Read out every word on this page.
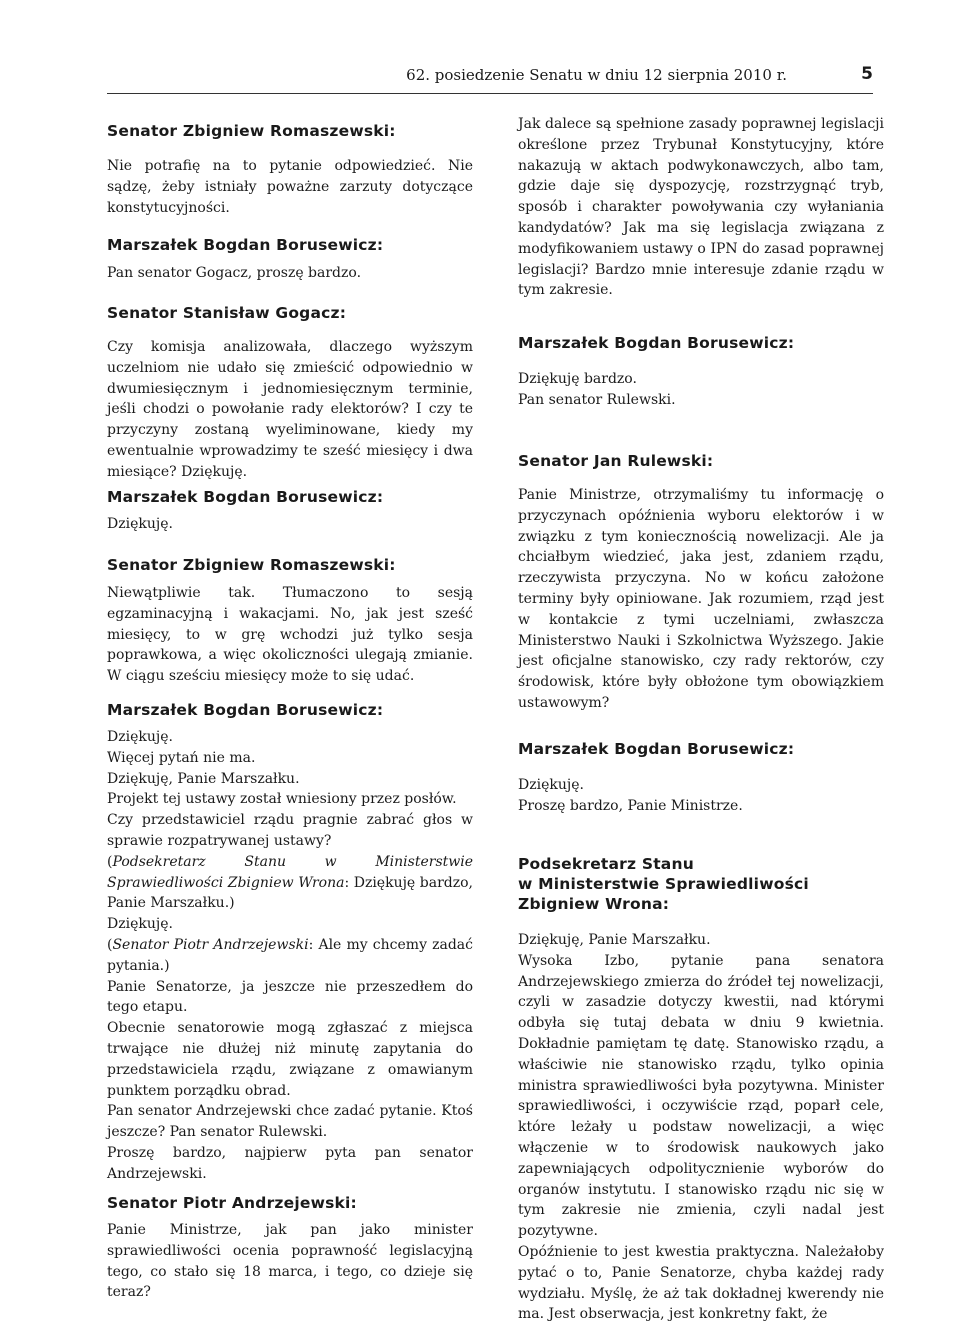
62. posiedzenie Senatu w dniu 12 sierpnia 2010 r.	5

Senator Zbigniew Romaszewski:

Nie potrafię na to pytanie odpowiedzieć. Nie sądzę, żeby istniały poważne zarzuty dotyczące konstytucyjności.

Marszałek Bogdan Borusewicz:

Pan senator Gogacz, proszę bardzo.

Senator Stanisław Gogacz:

Czy komisja analizowała, dlaczego wyższym uczelniom nie udało się zmieścić odpowiednio w dwumiesięcznym i jednomiesięcznym terminie, jeśli chodzi o powołanie rady elektorów? I czy te przyczyny zostaną wyeliminowane, kiedy my ewentualnie wprowadzimy te sześć miesięcy i dwa miesiące? Dziękuję.

Marszałek Bogdan Borusewicz:

Dziękuję.

Senator Zbigniew Romaszewski:

Niewątpliwie tak. Tłumaczono to sesją egzaminacyjną i wakacjami. No, jak jest sześć miesięcy, to w grę wchodzi już tylko sesja poprawkowa, a więc okoliczności ulegają zmianie. W ciągu sześciu miesięcy może to się udać.

Marszałek Bogdan Borusewicz:

Dziękuję.

Więcej pytań nie ma.

Dziękuję, Panie Marszałku.

Projekt tej ustawy został wniesiony przez posłów.

Czy przedstawiciel rządu pragnie zabrać głos w sprawie rozpatrywanej ustawy?

(Podsekretarz Stanu w Ministerstwie Sprawiedliwości Zbigniew Wrona: Dziękuję bardzo, Panie Marszałku.)

Dziękuję.

(Senator Piotr Andrzejewski: Ale my chcemy zadać pytania.)

Panie Senatorze, ja jeszcze nie przeszedłem do tego etapu.

Obecnie senatorowie mogą zgłaszać z miejsca trwające nie dłużej niż minutę zapytania do przedstawiciela rządu, związane z omawianym punktem porządku obrad.

Pan senator Andrzejewski chce zadać pytanie. Ktoś jeszcze? Pan senator Rulewski.

Proszę bardzo, najpierw pyta pan senator Andrzejewski.

Senator Piotr Andrzejewski:

Panie Ministrze, jak pan jako minister sprawiedliwości ocenia poprawność legislacyjną tego, co stało się 18 marca, i tego, co dzieje się teraz?

Jak dalece są spełnione zasady poprawnej legislacji określone przez Trybunał Konstytucyjny, które nakazują w aktach podwykonawczych, albo tam, gdzie daje się dyspozycję, rozstrzygnąć tryb, sposób i charakter powoływania czy wyłaniania kandydatów? Jak ma się legislacja związana z modyfikowaniem ustawy o IPN do zasad poprawnej legislacji? Bardzo mnie interesuje zdanie rządu w tym zakresie.

Marszałek Bogdan Borusewicz:

Dziękuję bardzo.

Pan senator Rulewski.

Senator Jan Rulewski:

Panie Ministrze, otrzymaliśmy tu informację o przyczynach opóźnienia wyboru elektorów i w związku z tym koniecznością nowelizacji. Ale ja chciałbym wiedzieć, jaka jest, zdaniem rządu, rzeczywista przyczyna. No w końcu założone terminy były opiniowane. Jak rozumiem, rząd jest w kontakcie z tymi uczelniami, zwłaszcza Ministerstwo Nauki i Szkolnictwa Wyższego. Jakie jest oficjalne stanowisko, czy rady rektorów, czy środowisk, które były obłożone tym obowiązkiem ustawowym?

Marszałek Bogdan Borusewicz:

Dziękuję.

Proszę bardzo, Panie Ministrze.

Podsekretarz Stanu

w Ministerstwie Sprawiedliwości

Zbigniew Wrona:

Dziękuję, Panie Marszałku.

Wysoka Izbo, pytanie pana senatora Andrzejewskiego zmierza do źródeł tej nowelizacji, czyli w zasadzie dotyczy kwestii, nad którymi odbyła się tutaj debata w dniu 9 kwietnia. Dokładnie pamiętam tę datę. Stanowisko rządu, a właściwie nie stanowisko rządu, tylko opinia ministra sprawiedliwości była pozytywna. Minister sprawiedliwości, i oczywiście rząd, poparł cele, które leżały u podstaw nowelizacji, a więc włączenie w to środowisk naukowych jako zapewniających odpolitycznienie wyborów do organów instytutu. I stanowisko rządu nic się w tym zakresie nie zmienia, czyli nadal jest pozytywne.

Opóźnienie to jest kwestia praktyczna. Należałoby pytać o to, Panie Senatorze, chyba każdej rady wydziału. Myślę, że aż tak dokładnej kwerendy nie ma. Jest obserwacja, jest konkretny fakt, że
